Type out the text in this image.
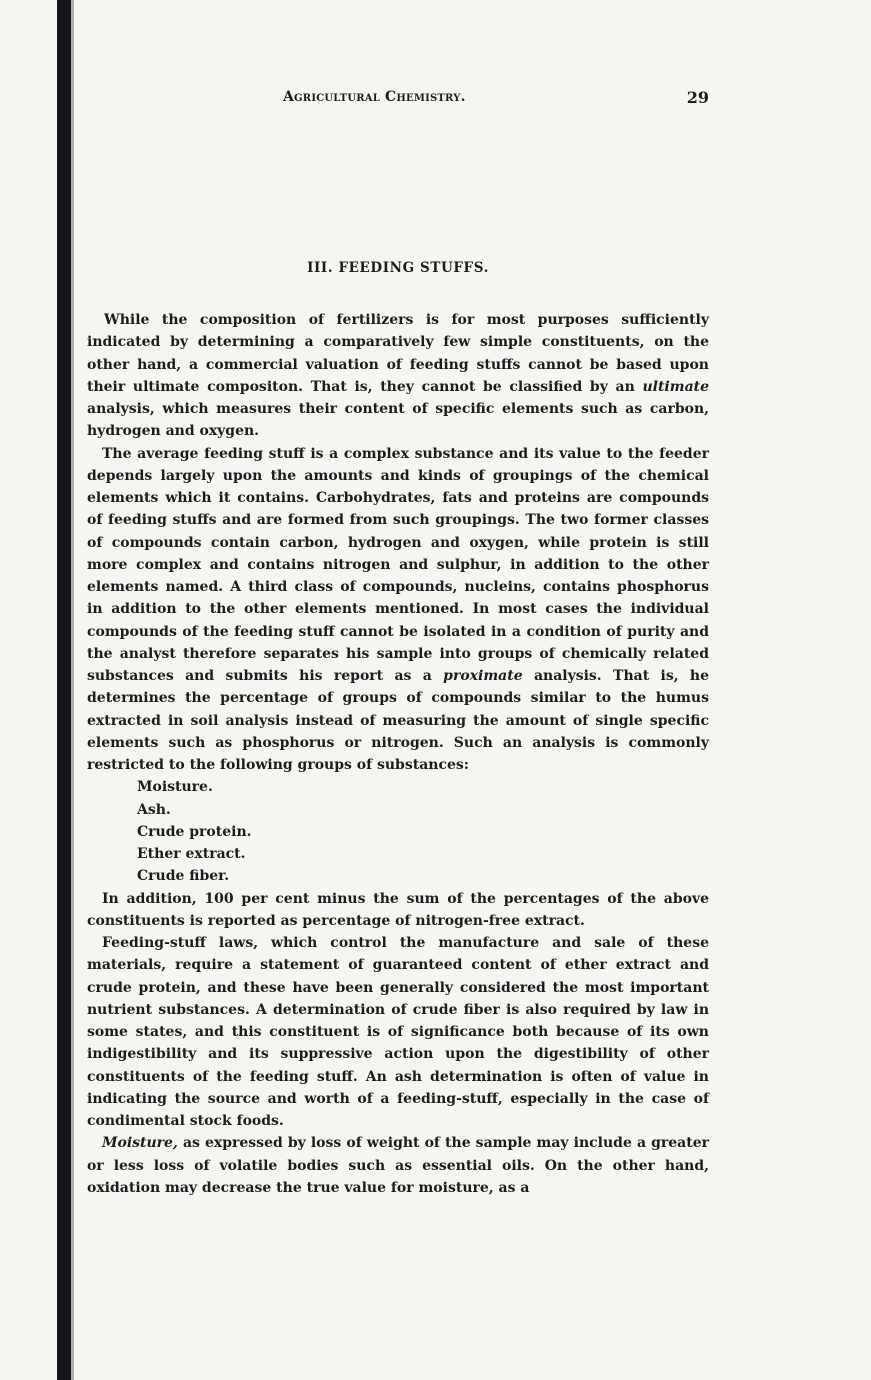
Agricultural Chemistry.	29
III. FEEDING STUFFS.

While the composition of fertilizers is for most purposes sufficiently indicated by determining a comparatively few simple constituents, on the other hand, a commercial valuation of feeding stuffs cannot be based upon their ultimate compositon. That is, they cannot be classified by an ultimate analysis, which measures their content of specific elements such as carbon, hydrogen and oxygen.

The average feeding stuff is a complex substance and its value to the feeder depends largely upon the amounts and kinds of groupings of the chemical elements which it contains. Carbohydrates, fats and proteins are compounds of feeding stuffs and are formed from such groupings. The two former classes of compounds contain carbon, hydrogen and oxygen, while protein is still more complex and contains nitrogen and sulphur, in addition to the other elements named. A third class of compounds, nucleins, contains phosphorus in addition to the other elements mentioned. In most cases the individual compounds of the feeding stuff cannot be isolated in a condition of purity and the analyst therefore separates his sample into groups of chemically related substances and submits his report as a proximate analysis. That is, he determines the percentage of groups of compounds similar to the humus extracted in soil analysis instead of measuring the amount of single specific elements such as phosphorus or nitrogen. Such an analysis is commonly restricted to the following groups of substances:

Moisture.
Ash.
Crude protein.
Ether extract.
Crude fiber.

In addition, 100 per cent minus the sum of the percentages of the above constituents is reported as percentage of nitrogen-free extract.

Feeding-stuff laws, which control the manufacture and sale of these materials, require a statement of guaranteed content of ether extract and crude protein, and these have been generally considered the most important nutrient substances. A determination of crude fiber is also required by law in some states, and this constituent is of significance both because of its own indigestibility and its suppressive action upon the digestibility of other constituents of the feeding stuff. An ash determination is often of value in indicating the source and worth of a feeding-stuff, especially in the case of condimental stock foods.

Moisture, as expressed by loss of weight of the sample may include a greater or less loss of volatile bodies such as essential oils. On the other hand, oxidation may decrease the true value for moisture, as a
